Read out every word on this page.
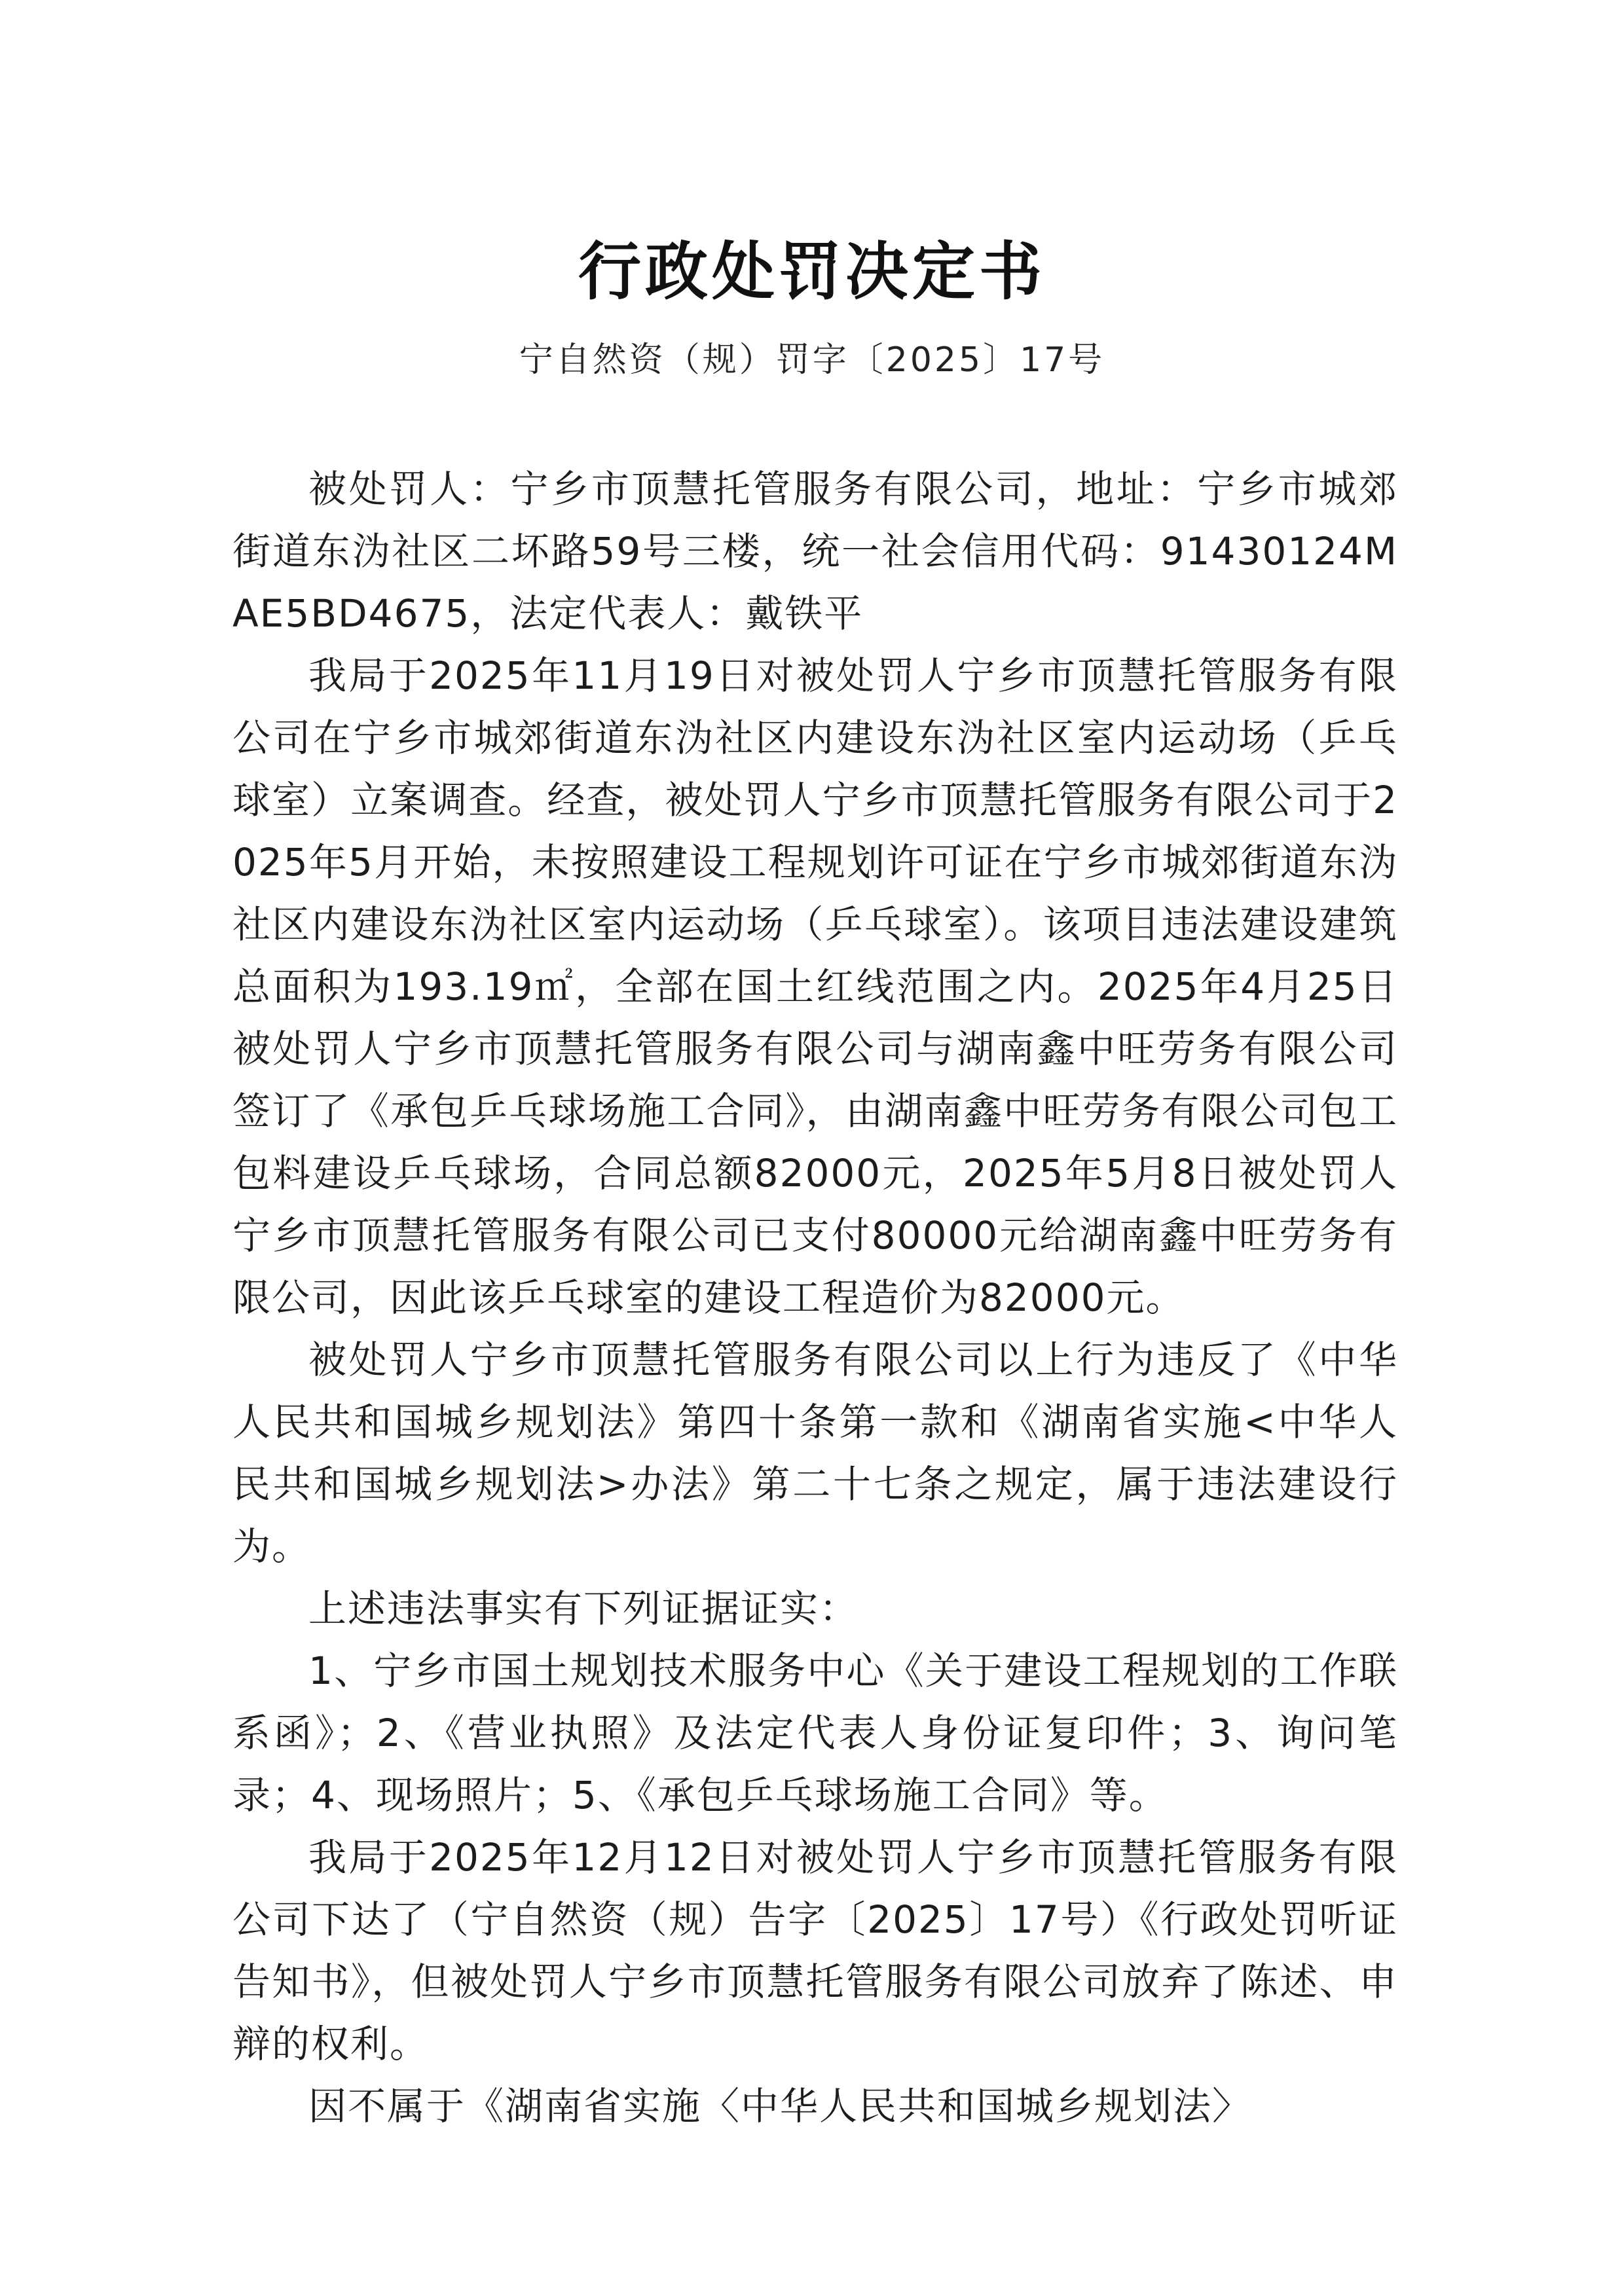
行政处罚决定书
宁自然资（规）罚字〔2025〕17号

被处罚人：宁乡市顶慧托管服务有限公司，地址：宁乡市城郊街道东沩社区二坏路59号三楼，统一社会信用代码：91430124MAE5BD4675，法定代表人：戴铁平

我局于2025年11月19日对被处罚人宁乡市顶慧托管服务有限公司在宁乡市城郊街道东沩社区内建设东沩社区室内运动场（乒乓球室）立案调查。经查，被处罚人宁乡市顶慧托管服务有限公司于2025年5月开始，未按照建设工程规划许可证在宁乡市城郊街道东沩社区内建设东沩社区室内运动场（乒乓球室）。该项目违法建设建筑总面积为193.19㎡，全部在国土红线范围之内。2025年4月25日被处罚人宁乡市顶慧托管服务有限公司与湖南鑫中旺劳务有限公司签订了《承包乒乓球场施工合同》，由湖南鑫中旺劳务有限公司包工包料建设乒乓球场，合同总额82000元，2025年5月8日被处罚人宁乡市顶慧托管服务有限公司已支付80000元给湖南鑫中旺劳务有限公司，因此该乒乓球室的建设工程造价为82000元。

被处罚人宁乡市顶慧托管服务有限公司以上行为违反了《中华人民共和国城乡规划法》第四十条第一款和《湖南省实施<中华人民共和国城乡规划法>办法》第二十七条之规定，属于违法建设行为。

上述违法事实有下列证据证实：

1、宁乡市国土规划技术服务中心《关于建设工程规划的工作联系函》；2、《营业执照》及法定代表人身份证复印件；3、询问笔录；4、现场照片；5、《承包乒乓球场施工合同》等。

我局于2025年12月12日对被处罚人宁乡市顶慧托管服务有限公司下达了（宁自然资（规）告字〔2025〕17号）《行政处罚听证告知书》，但被处罚人宁乡市顶慧托管服务有限公司放弃了陈述、申辩的权利。

因不属于《湖南省实施〈中华人民共和国城乡规划法〉
